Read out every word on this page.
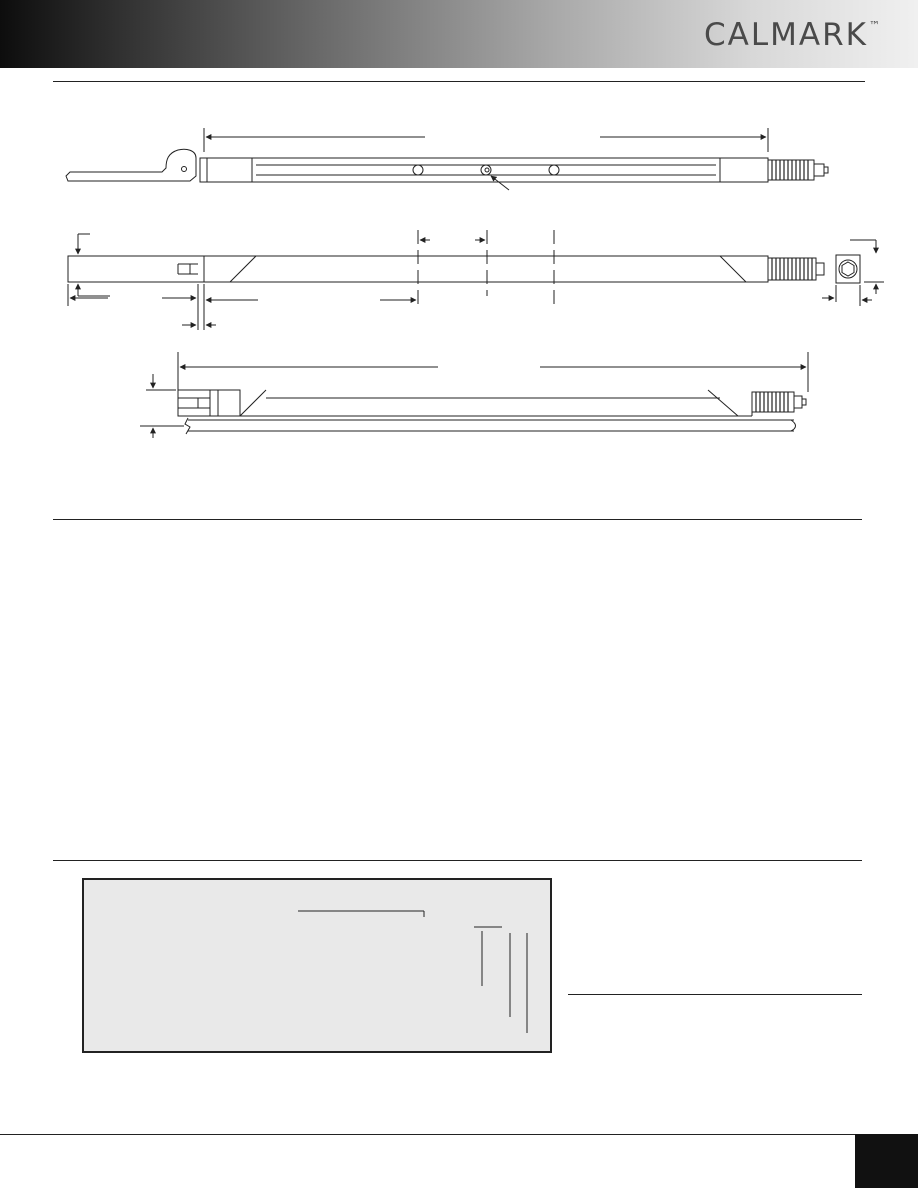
CALMARK™
